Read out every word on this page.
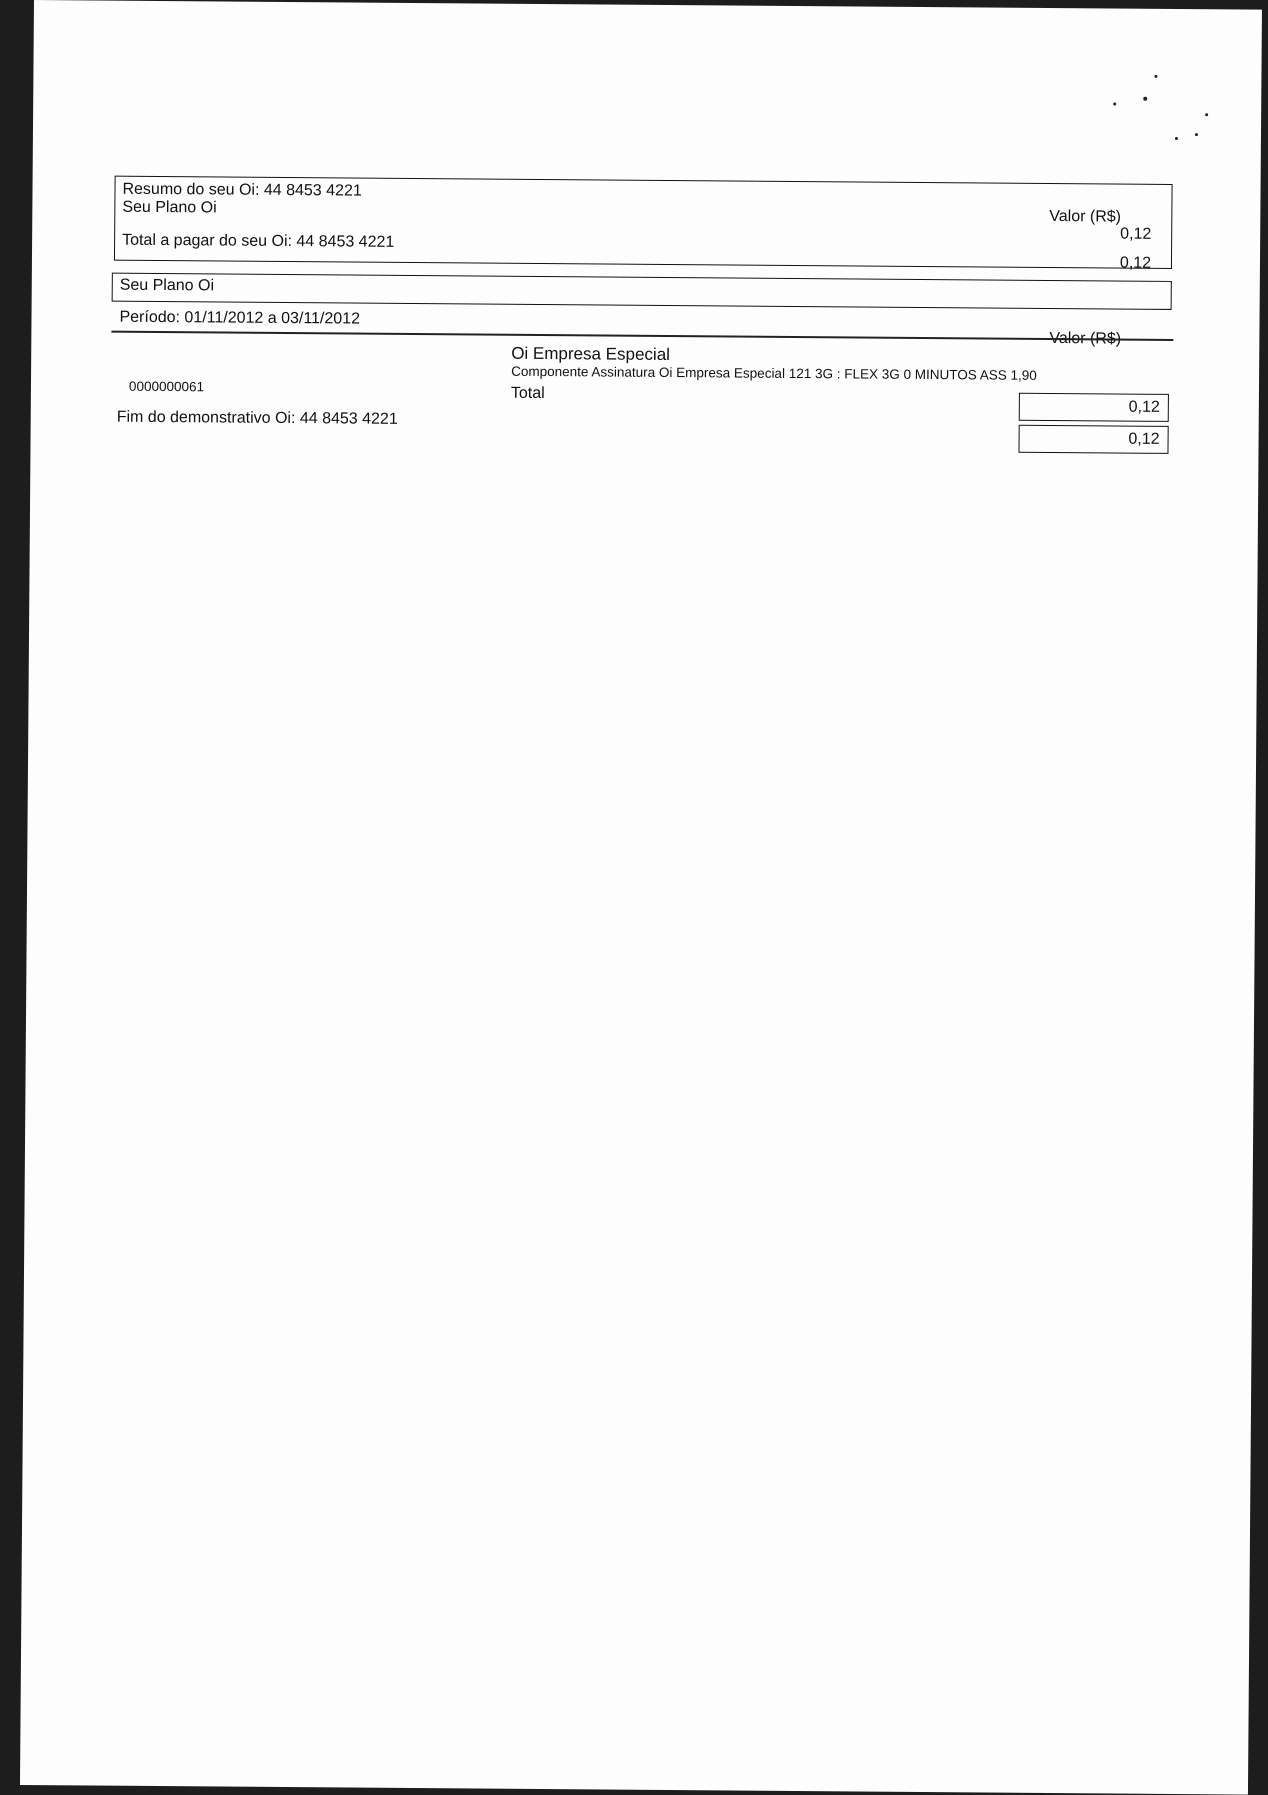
Resumo do seu Oi: 44 8453 4221
Seu Plano Oi
Valor (R$)
0,12
Total a pagar do seu Oi: 44 8453 4221
0,12
Seu Plano Oi
Período: 01/11/2012 a 03/11/2012
Valor (R$)
Oi Empresa Especial
Componente Assinatura Oi Empresa Especial 121 3G : FLEX 3G 0 MINUTOS ASS 1,90
0000000061	Total
0,12
0,12
Fim do demonstrativo Oi: 44 8453 4221
